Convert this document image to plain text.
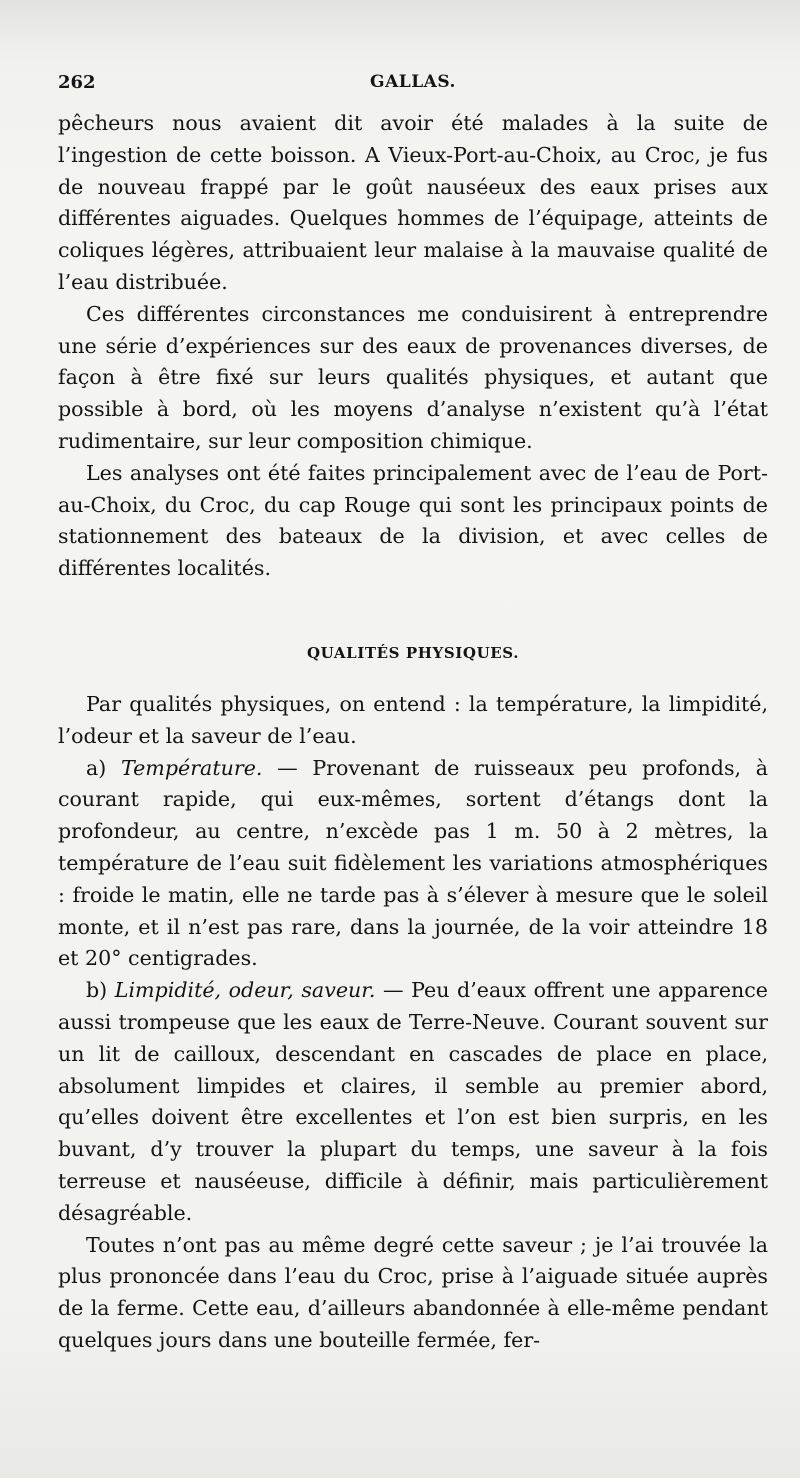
262	GALLAS.

pêcheurs nous avaient dit avoir été malades à la suite de l’ingestion de cette boisson. A Vieux-Port-au-Choix, au Croc, je fus de nouveau frappé par le goût nauséeux des eaux prises aux différentes aiguades. Quelques hommes de l’équipage, atteints de coliques légères, attribuaient leur malaise à la mauvaise qualité de l’eau distribuée.

Ces différentes circonstances me conduisirent à entreprendre une série d’expériences sur des eaux de provenances diverses, de façon à être fixé sur leurs qualités physiques, et autant que possible à bord, où les moyens d’analyse n’existent qu’à l’état rudimentaire, sur leur composition chimique.

Les analyses ont été faites principalement avec de l’eau de Port-au-Choix, du Croc, du cap Rouge qui sont les principaux points de stationnement des bateaux de la division, et avec celles de différentes localités.

QUALITÉS PHYSIQUES.

Par qualités physiques, on entend : la température, la limpidité, l’odeur et la saveur de l’eau.

a) Température. — Provenant de ruisseaux peu profonds, à courant rapide, qui eux-mêmes, sortent d’étangs dont la profondeur, au centre, n’excède pas 1 m. 50 à 2 mètres, la température de l’eau suit fidèlement les variations atmosphériques : froide le matin, elle ne tarde pas à s’élever à mesure que le soleil monte, et il n’est pas rare, dans la journée, de la voir atteindre 18 et 20° centigrades.

b) Limpidité, odeur, saveur. — Peu d’eaux offrent une apparence aussi trompeuse que les eaux de Terre-Neuve. Courant souvent sur un lit de cailloux, descendant en cascades de place en place, absolument limpides et claires, il semble au premier abord, qu’elles doivent être excellentes et l’on est bien surpris, en les buvant, d’y trouver la plupart du temps, une saveur à la fois terreuse et nauséeuse, difficile à définir, mais particulièrement désagréable.

Toutes n’ont pas au même degré cette saveur ; je l’ai trouvée la plus prononcée dans l’eau du Croc, prise à l’aiguade située auprès de la ferme. Cette eau, d’ailleurs abandonnée à elle-même pendant quelques jours dans une bouteille fermée, fer-
